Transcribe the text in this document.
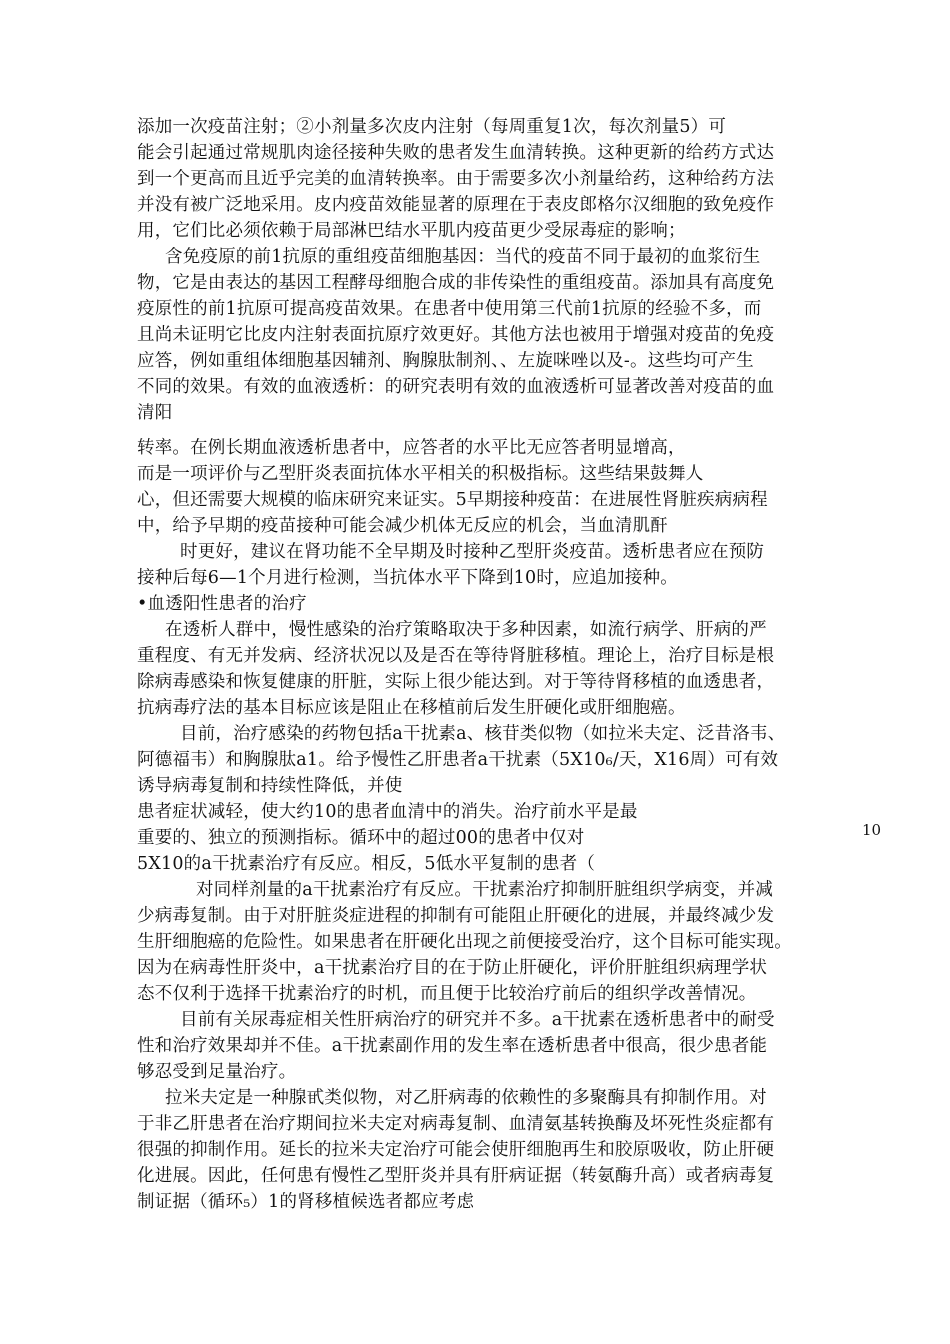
添加一次疫苗注射；②小剂量多次皮内注射（每周重复1次，每次剂量5）可
能会引起通过常规肌肉途径接种失败的患者发生血清转换。这种更新的给药方式达
到一个更高而且近乎完美的血清转换率。由于需要多次小剂量给药，这种给药方法
并没有被广泛地采用。皮内疫苗效能显著的原理在于表皮郎格尔汉细胞的致免疫作
用，它们比必须依赖于局部淋巴结水平肌内疫苗更少受尿毒症的影响；
含免疫原的前1抗原的重组疫苗细胞基因：当代的疫苗不同于最初的血浆衍生
物，它是由表达的基因工程酵母细胞合成的非传染性的重组疫苗。添加具有高度免
疫原性的前1抗原可提高疫苗效果。在患者中使用第三代前1抗原的经验不多，而
且尚未证明它比皮内注射表面抗原疗效更好。其他方法也被用于增强对疫苗的免疫
应答，例如重组体细胞基因辅剂、胸腺肽制剂、、左旋咪唑以及-。这些均可产生
不同的效果。有效的血液透析：的研究表明有效的血液透析可显著改善对疫苗的血
清阳
转率。在例长期血液透析患者中，应答者的水平比无应答者明显增高，
而是一项评价与乙型肝炎表面抗体水平相关的积极指标。这些结果鼓舞人
心，但还需要大规模的临床研究来证实。5早期接种疫苗：在进展性肾脏疾病病程
中，给予早期的疫苗接种可能会减少机体无反应的机会，当血清肌酐
时更好，建议在肾功能不全早期及时接种乙型肝炎疫苗。透析患者应在预防
接种后每6—1个月进行检测，当抗体水平下降到10时，应追加接种。
•血透阳性患者的治疗
在透析人群中，慢性感染的治疗策略取决于多种因素，如流行病学、肝病的严
重程度、有无并发病、经济状况以及是否在等待肾脏移植。理论上，治疗目标是根
除病毒感染和恢复健康的肝脏，实际上很少能达到。对于等待肾移植的血透患者，
抗病毒疗法的基本目标应该是阻止在移植前后发生肝硬化或肝细胞癌。
目前，治疗感染的药物包括a干扰素a、核苷类似物（如拉米夫定、泛昔洛韦、
阿德福韦）和胸腺肽a1。给予慢性乙肝患者a干扰素（5X10₆/天，X16周）可有效
诱导病毒复制和持续性降低，并使
患者症状减轻，使大约10的患者血清中的消失。治疗前水平是最
重要的、独立的预测指标。循环中的超过00的患者中仅对
5X10的a干扰素治疗有反应。相反，5低水平复制的患者（
对同样剂量的a干扰素治疗有反应。干扰素治疗抑制肝脏组织学病变，并减
少病毒复制。由于对肝脏炎症进程的抑制有可能阻止肝硬化的进展，并最终减少发
生肝细胞癌的危险性。如果患者在肝硬化出现之前便接受治疗，这个目标可能实现。
因为在病毒性肝炎中，a干扰素治疗目的在于防止肝硬化，评价肝脏组织病理学状
态不仅利于选择干扰素治疗的时机，而且便于比较治疗前后的组织学改善情况。
目前有关尿毒症相关性肝病治疗的研究并不多。a干扰素在透析患者中的耐受
性和治疗效果却并不佳。a干扰素副作用的发生率在透析患者中很高，很少患者能
够忍受到足量治疗。
拉米夫定是一种腺甙类似物，对乙肝病毒的依赖性的多聚酶具有抑制作用。对
于非乙肝患者在治疗期间拉米夫定对病毒复制、血清氨基转换酶及坏死性炎症都有
很强的抑制作用。延长的拉米夫定治疗可能会使肝细胞再生和胶原吸收，防止肝硬
化进展。因此，任何患有慢性乙型肝炎并具有肝病证据（转氨酶升高）或者病毒复
制证据（循环₅）1的肾移植候选者都应考虑
10
